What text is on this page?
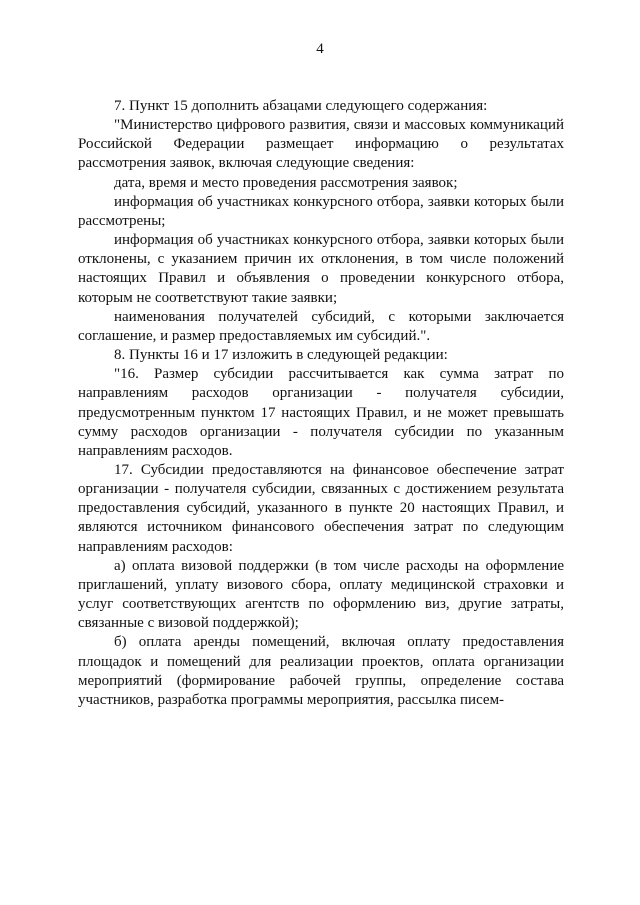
4

7. Пункт 15 дополнить абзацами следующего содержания:

"Министерство цифрового развития, связи и массовых коммуникаций Российской Федерации размещает информацию о результатах рассмотрения заявок, включая следующие сведения:

дата, время и место проведения рассмотрения заявок;

информация об участниках конкурсного отбора, заявки которых были рассмотрены;

информация об участниках конкурсного отбора, заявки которых были отклонены, с указанием причин их отклонения, в том числе положений настоящих Правил и объявления о проведении конкурсного отбора, которым не соответствуют такие заявки;

наименования получателей субсидий, с которыми заключается соглашение, и размер предоставляемых им субсидий.".

8. Пункты 16 и 17 изложить в следующей редакции:

"16. Размер субсидии рассчитывается как сумма затрат по направлениям расходов организации - получателя субсидии, предусмотренным пунктом 17 настоящих Правил, и не может превышать сумму расходов организации - получателя субсидии по указанным направлениям расходов.

17. Субсидии предоставляются на финансовое обеспечение затрат организации - получателя субсидии, связанных с достижением результата предоставления субсидий, указанного в пункте 20 настоящих Правил, и являются источником финансового обеспечения затрат по следующим направлениям расходов:

а) оплата визовой поддержки (в том числе расходы на оформление приглашений, уплату визового сбора, оплату медицинской страховки и услуг соответствующих агентств по оформлению виз, другие затраты, связанные с визовой поддержкой);

б) оплата аренды помещений, включая оплату предоставления площадок и помещений для реализации проектов, оплата организации мероприятий (формирование рабочей группы, определение состава участников, разработка программы мероприятия, рассылка писем-
